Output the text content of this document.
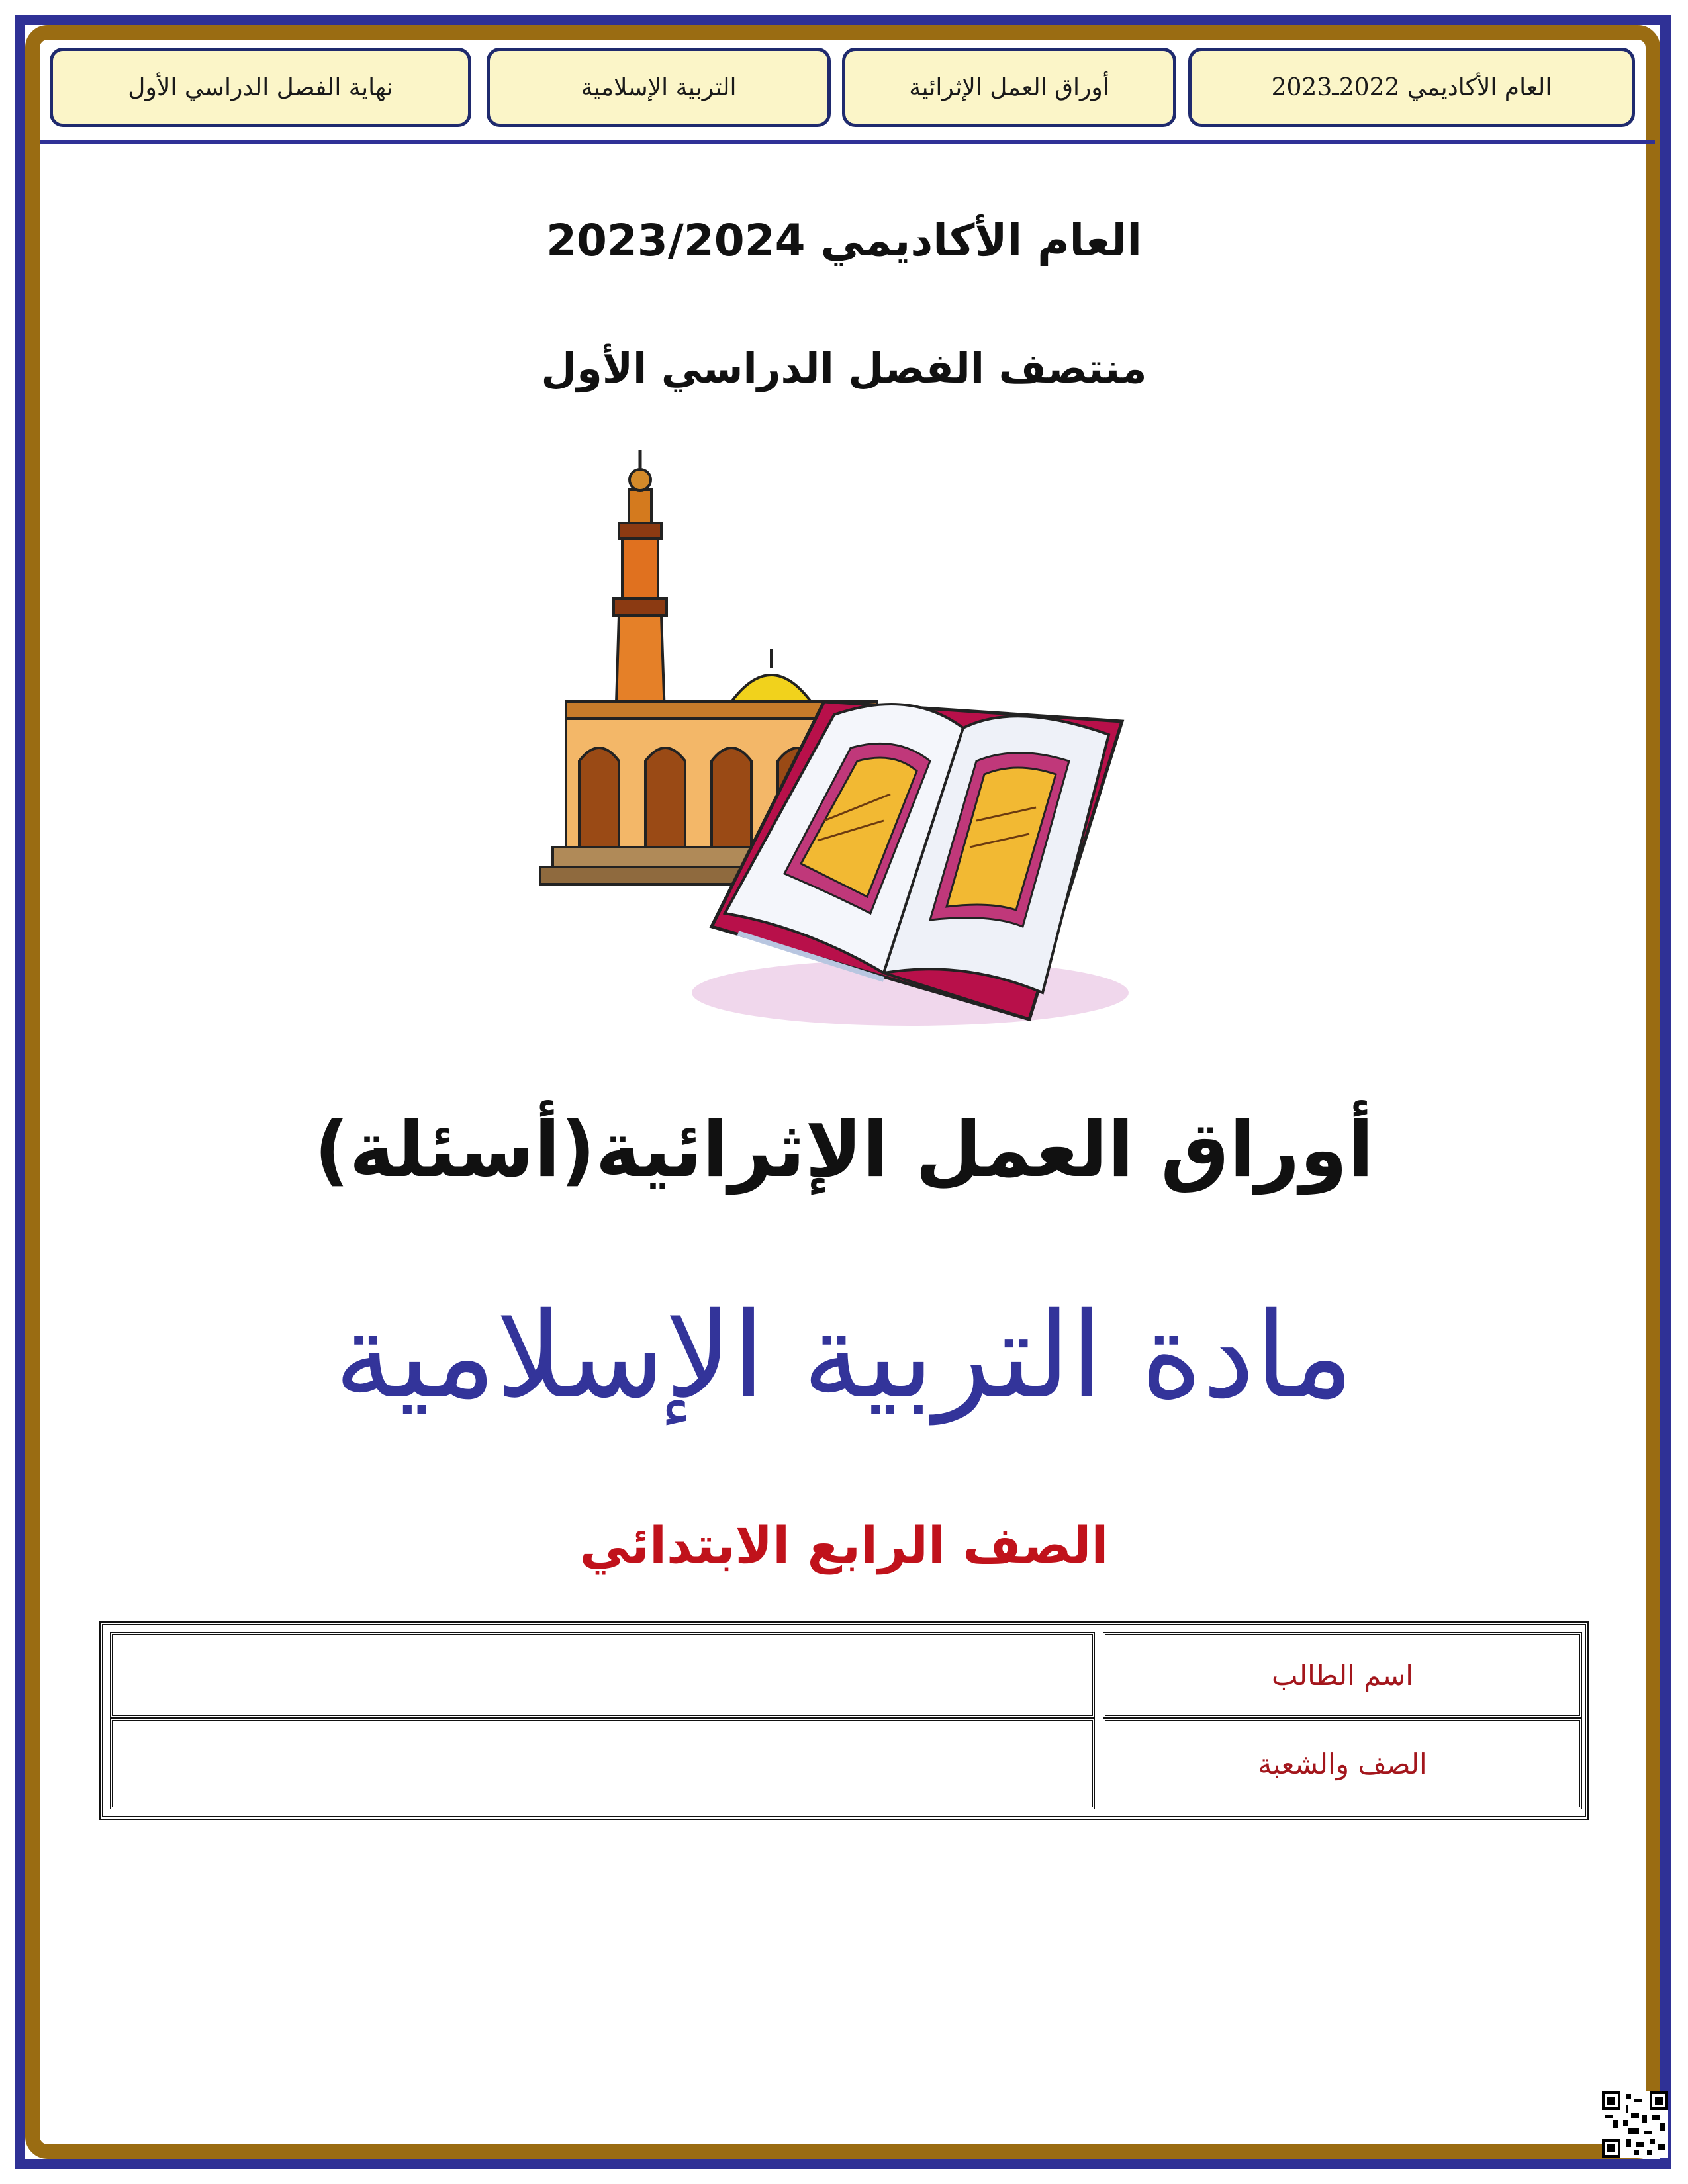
العام الأكاديمي 2022ـ2023
أوراق العمل الإثرائية
التربية الإسلامية
نهاية الفصل الدراسي الأول
العام الأكاديمي 2023/2024
منتصف الفصل الدراسي الأول
أوراق العمل الإثرائية(أسئلة)
مادة التربية الإسلامية
الصف الرابع الابتدائي
اسم الطالب
الصف والشعبة
